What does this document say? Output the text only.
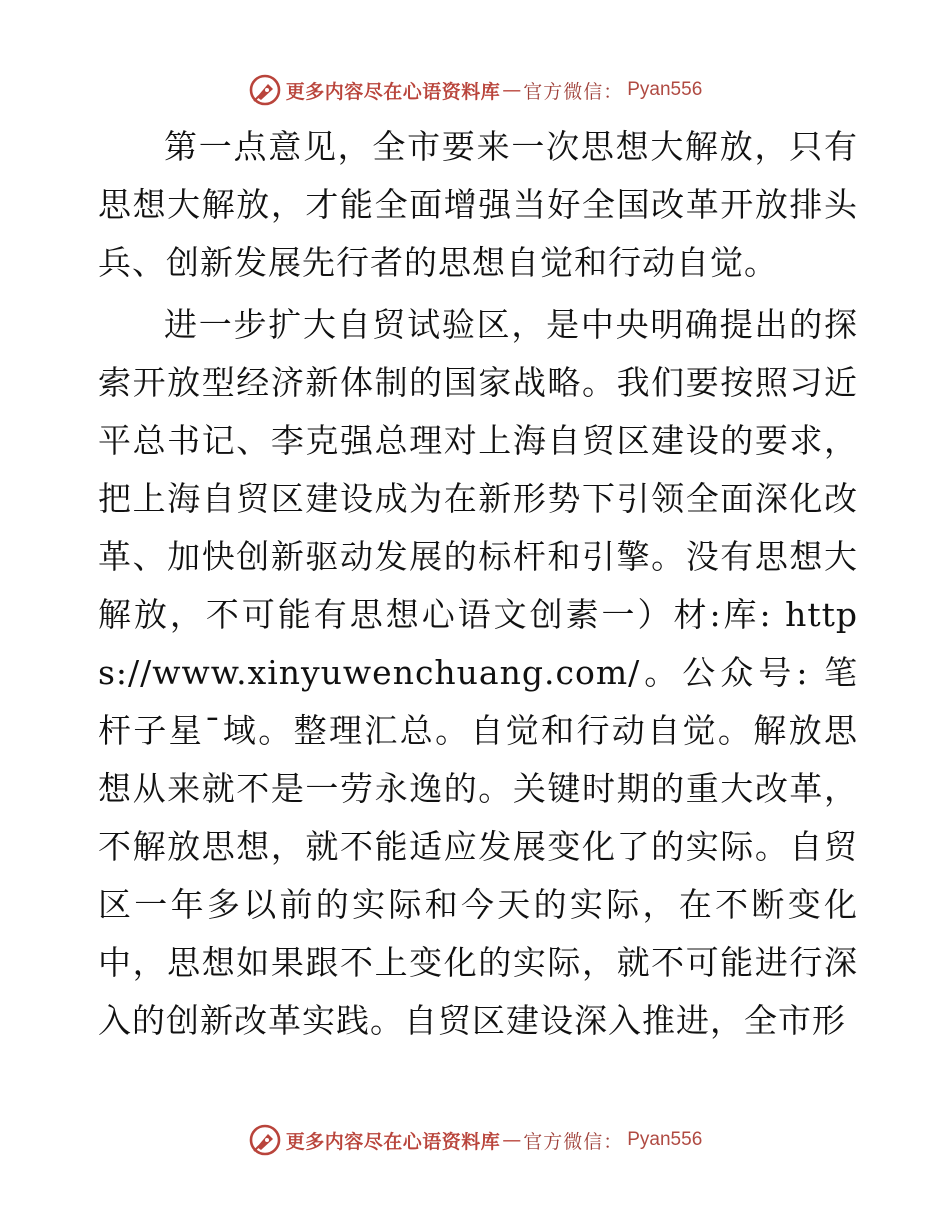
更多内容尽在心语资料库 — 官方微信： Pyan556

第一点意见，全市要来一次思想大解放，只有思想大解放，才能全面增强当好全国改革开放排头兵、创新发展先行者的思想自觉和行动自觉。

进一步扩大自贸试验区，是中央明确提出的探索开放型经济新体制的国家战略。我们要按照习近平总书记、李克强总理对上海自贸区建设的要求，把上海自贸区建设成为在新形势下引领全面深化改革、加快创新驱动发展的标杆和引擎。没有思想大解放，不可能有思想心语文创素一）材:库: https://www.xinyuwenchuang.com/。公众号: 笔杆子星¯域。整理汇总。自觉和行动自觉。解放思想从来就不是一劳永逸的。关键时期的重大改革，不解放思想，就不能适应发展变化了的实际。自贸区一年多以前的实际和今天的实际，在不断变化中，思想如果跟不上变化的实际，就不可能进行深入的创新改革实践。自贸区建设深入推进，全市形

更多内容尽在心语资料库 — 官方微信： Pyan556
